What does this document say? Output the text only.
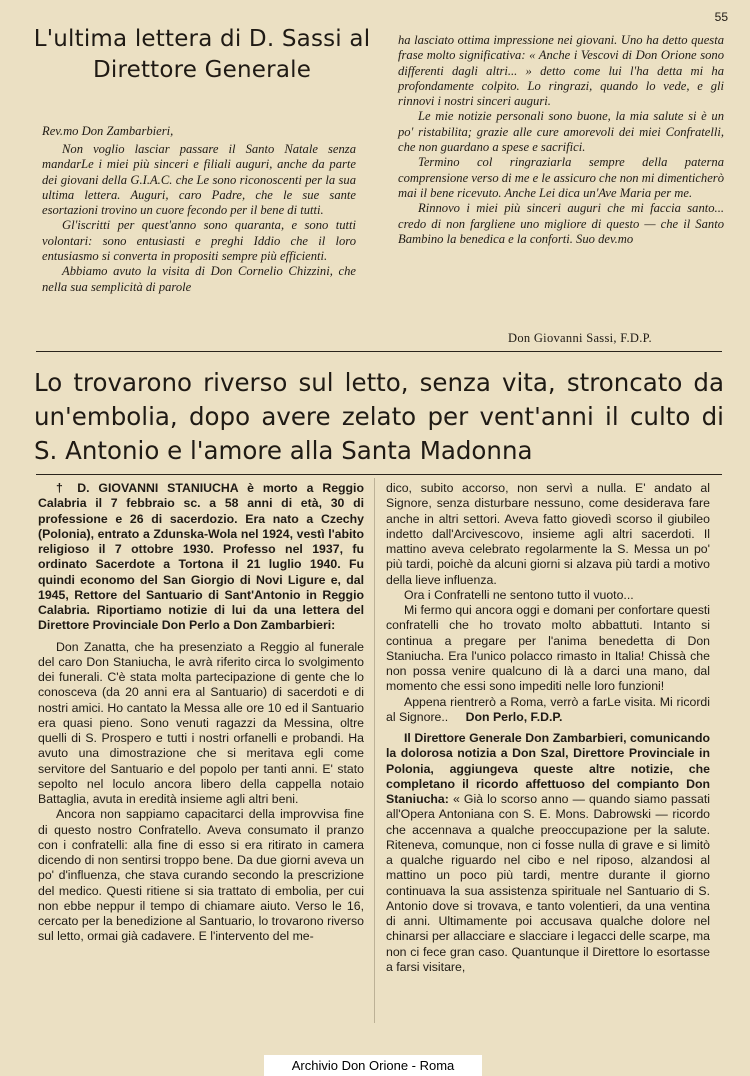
55
L'ultima lettera di D. Sassi al Direttore Generale
Rev.mo Don Zambarbieri,

Non voglio lasciar passare il Santo Natale senza mandarLe i miei più sinceri e filiali auguri, anche da parte dei giovani della G.I.A.C. che Le sono riconoscenti per la sua ultima lettera. Auguri, caro Padre, che le sue sante esortazioni trovino un cuore fecondo per il bene di tutti.

Gl'iscritti per quest'anno sono quaranta, e sono tutti volontari: sono entusiasti e preghi Iddio che il loro entusiasmo si converta in propositi sempre più efficienti.

Abbiamo avuto la visita di Don Cornelio Chizzini, che nella sua semplicità di parole

ha lasciato ottima impressione nei giovani. Uno ha detto questa frase molto significativa: « Anche i Vescovi di Don Orione sono differenti dagli altri... » detto come lui l'ha detta mi ha profondamente colpito. Lo ringrazi, quando lo vede, e gli rinnovi i nostri sinceri auguri.

Le mie notizie personali sono buone, la mia salute si è un po' ristabilita; grazie alle cure amorevoli dei miei Confratelli, che non guardano a spese e sacrifici.

Termino col ringraziarla sempre della paterna comprensione verso di me e le assicuro che non mi dimenticherò mai il bene ricevuto. Anche Lei dica un'Ave Maria per me.

Rinnovo i miei più sinceri auguri che mi faccia santo... credo di non fargliene uno migliore di questo — che il Santo Bambino la benedica e la conforti. Suo dev.mo

Don Giovanni Sassi, F.D.P.
Lo trovarono riverso sul letto, senza vita, stroncato da un'embolia, dopo avere zelato per vent'anni il culto di S. Antonio e l'amore alla Santa Madonna

† D. GIOVANNI STANIUCHA è morto a Reggio Calabria il 7 febbraio sc. a 58 anni di età, 30 di professione e 26 di sacerdozio. Era nato a Czechy (Polonia), entrato a Zdunska-Wola nel 1924, vestì l'abito religioso il 7 ottobre 1930. Professo nel 1937, fu ordinato Sacerdote a Tortona il 21 luglio 1940. Fu quindi economo del San Giorgio di Novi Ligure e, dal 1945, Rettore del Santuario di Sant'Antonio in Reggio Calabria. Riportiamo notizie di lui da una lettera del Direttore Provinciale Don Perlo a Don Zambarbieri:

Don Zanatta, che ha presenziato a Reggio al funerale del caro Don Staniucha, le avrà riferito circa lo svolgimento dei funerali. C'è stata molta partecipazione di gente che lo conosceva (da 20 anni era al Santuario) di sacerdoti e di nostri amici. Ho cantato la Messa alle ore 10 ed il Santuario era quasi pieno. Sono venuti ragazzi da Messina, oltre quelli di S. Prospero e tutti i nostri orfanelli e probandi. Ha avuto una dimostrazione che si meritava egli come servitore del Santuario e del popolo per tanti anni. E' stato sepolto nel loculo ancora libero della cappella notaio Battaglia, avuta in eredità insieme agli altri beni.

Ancora non sappiamo capacitarci della improvvisa fine di questo nostro Confratello. Aveva consumato il pranzo con i confratelli: alla fine di esso si era ritirato in camera dicendo di non sentirsi troppo bene. Da due giorni aveva un po' d'influenza, che stava curando secondo la prescrizione del medico. Questi ritiene si sia trattato di embolia, per cui non ebbe neppur il tempo di chiamare aiuto. Verso le 16, cercato per la benedizione al Santuario, lo trovarono riverso sul letto, ormai già cadavere. E l'intervento del me-

dico, subito accorso, non servì a nulla. E' andato al Signore, senza disturbare nessuno, come desiderava fare anche in altri settori. Aveva fatto giovedì scorso il giubileo indetto dall'Arcivescovo, insieme agli altri sacerdoti. Il mattino aveva celebrato regolarmente la S. Messa un po' più tardi, poichè da alcuni giorni si alzava più tardi a motivo della lieve influenza.

Ora i Confratelli ne sentono tutto il vuoto...

Mi fermo qui ancora oggi e domani per confortare questi confratelli che ho trovato molto abbattuti. Intanto si continua a pregare per l'anima benedetta di Don Staniucha. Era l'unico polacco rimasto in Italia! Chissà che non possa venire qualcuno di là a darci una mano, dal momento che essi sono impediti nelle loro funzioni!

Appena rientrerò a Roma, verrò a farLe visita. Mi ricordi al Signore.. Don Perlo, F.D.P.

Il Direttore Generale Don Zambarbieri, comunicando la dolorosa notizia a Don Szal, Direttore Provinciale in Polonia, aggiungeva queste altre notizie, che completano il ricordo affettuoso del compianto Don Staniucha: « Già lo scorso anno — quando siamo passati all'Opera Antoniana con S. E. Mons. Dabrowski — ricordo che accennava a qualche preoccupazione per la salute. Riteneva, comunque, non ci fosse nulla di grave e si limitò a qualche riguardo nel cibo e nel riposo, alzandosi al mattino un poco più tardi, mentre durante il giorno continuava la sua assistenza spirituale nel Santuario di S. Antonio dove si trovava, e tanto volentieri, da una ventina di anni. Ultimamente poi accusava qualche dolore nel chinarsi per allacciare e slacciare i legacci delle scarpe, ma non ci fece gran caso. Quantunque il Direttore lo esortasse a farsi visitare,

Archivio Don Orione - Roma
